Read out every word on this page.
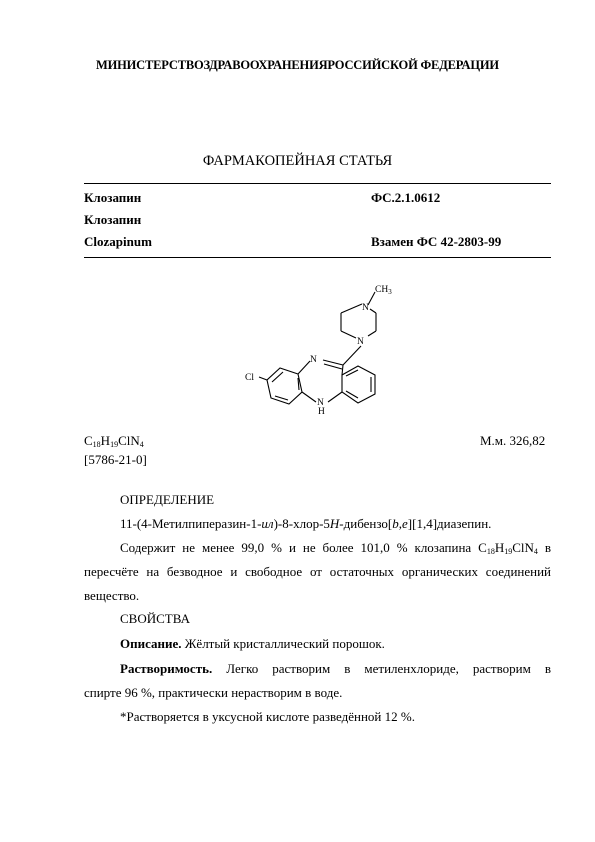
МИНИСТЕРСТВОЗДРАВООХРАНЕНИЯРОССИЙСКОЙ ФЕДЕРАЦИИ
ФАРМАКОПЕЙНАЯ СТАТЬЯ
Клозапин	ФС.2.1.0612
Клозапин
Clozapinum	Взамен ФС 42-2803-99
$CH_3$
N
N
N
Cl
N
H
$C_{18}H_{19}ClN_4$	М.м. 326,82
[5786-21-0]
ОПРЕДЕЛЕНИЕ
11-(4-Метилпиперазин-1-ил)-8-хлор-5H-дибензо[b,e][1,4]диазепин.
Содержит не менее 99,0 % и не более 101,0 % клозапина $C_{18}H_{19}ClN_4$ в
пересчёте на безводное и свободное от остаточных органических соединений
вещество.
СВОЙСТВА
Описание. Жёлтый кристаллический порошок.
Растворимость. Легко растворим в метиленхлориде, растворим в
спирте 96 %, практически нерастворим в воде.
*Растворяется в уксусной кислоте разведённой 12 %.
